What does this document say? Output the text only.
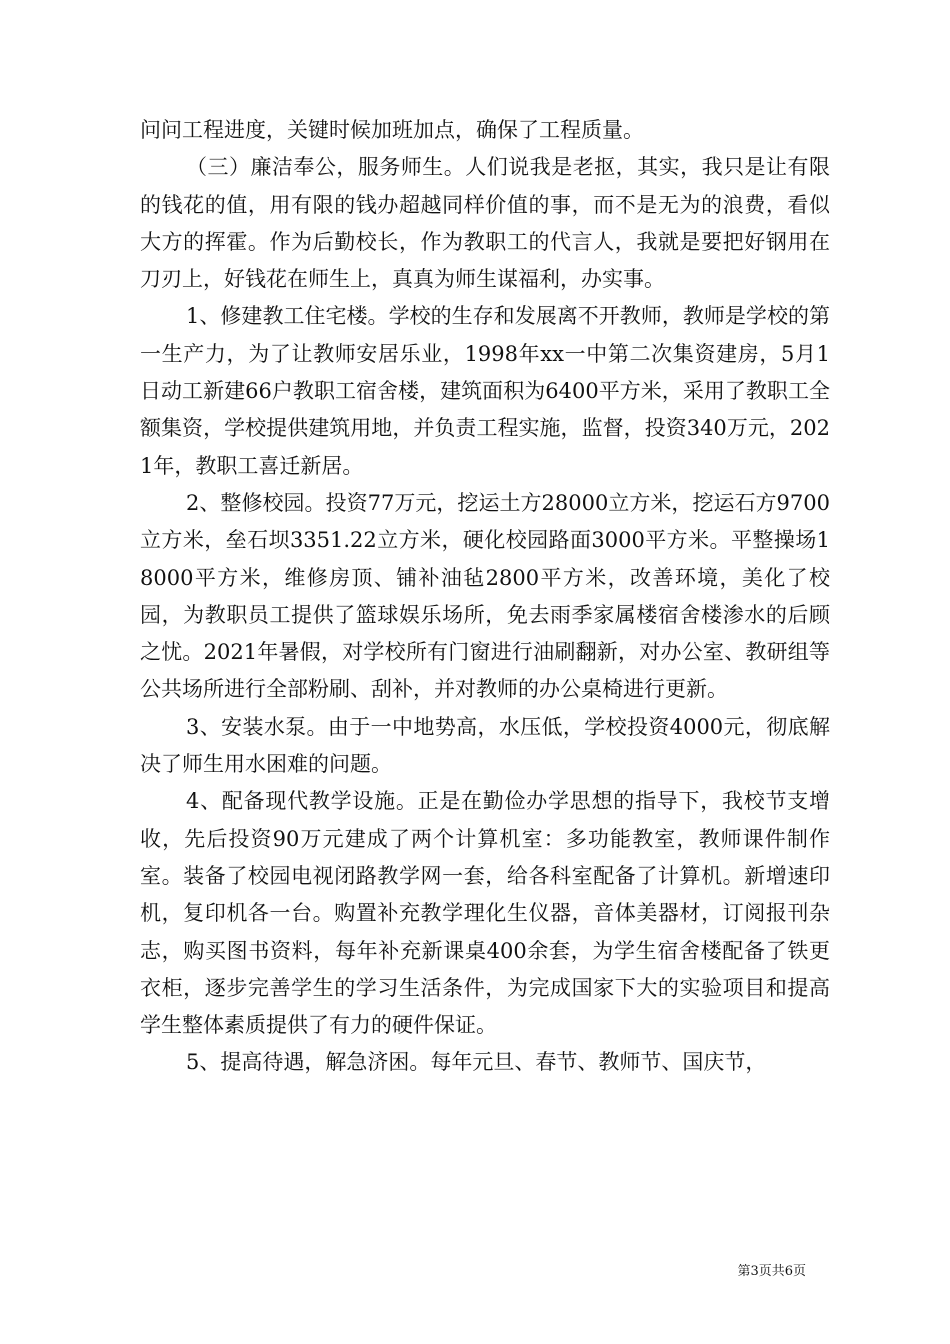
问问工程进度，关键时候加班加点，确保了工程质量。

（三）廉洁奉公，服务师生。人们说我是老抠，其实，我只是让有限的钱花的值，用有限的钱办超越同样价值的事，而不是无为的浪费，看似大方的挥霍。作为后勤校长，作为教职工的代言人，我就是要把好钢用在刀刃上，好钱花在师生上，真真为师生谋福利，办实事。

1、修建教工住宅楼。学校的生存和发展离不开教师，教师是学校的第一生产力，为了让教师安居乐业，1998年xx一中第二次集资建房，5月1日动工新建66户教职工宿舍楼，建筑面积为6400平方米，采用了教职工全额集资，学校提供建筑用地，并负责工程实施，监督，投资340万元，2021年，教职工喜迁新居。

2、整修校园。投资77万元，挖运土方28000立方米，挖运石方9700立方米，垒石坝3351.22立方米，硬化校园路面3000平方米。平整操场18000平方米，维修房顶、铺补油毡2800平方米，改善环境，美化了校园，为教职员工提供了篮球娱乐场所，免去雨季家属楼宿舍楼渗水的后顾之忧。2021年暑假，对学校所有门窗进行油刷翻新，对办公室、教研组等公共场所进行全部粉刷、刮补，并对教师的办公桌椅进行更新。

3、安装水泵。由于一中地势高，水压低，学校投资4000元，彻底解决了师生用水困难的问题。

4、配备现代教学设施。正是在勤俭办学思想的指导下，我校节支增收，先后投资90万元建成了两个计算机室：多功能教室，教师课件制作室。装备了校园电视闭路教学网一套，给各科室配备了计算机。新增速印机，复印机各一台。购置补充教学理化生仪器，音体美器材，订阅报刊杂志，购买图书资料，每年补充新课桌400余套，为学生宿舍楼配备了铁更衣柜，逐步完善学生的学习生活条件，为完成国家下大的实验项目和提高学生整体素质提供了有力的硬件保证。

5、提高待遇，解急济困。每年元旦、春节、教师节、国庆节，

第3页共6页
